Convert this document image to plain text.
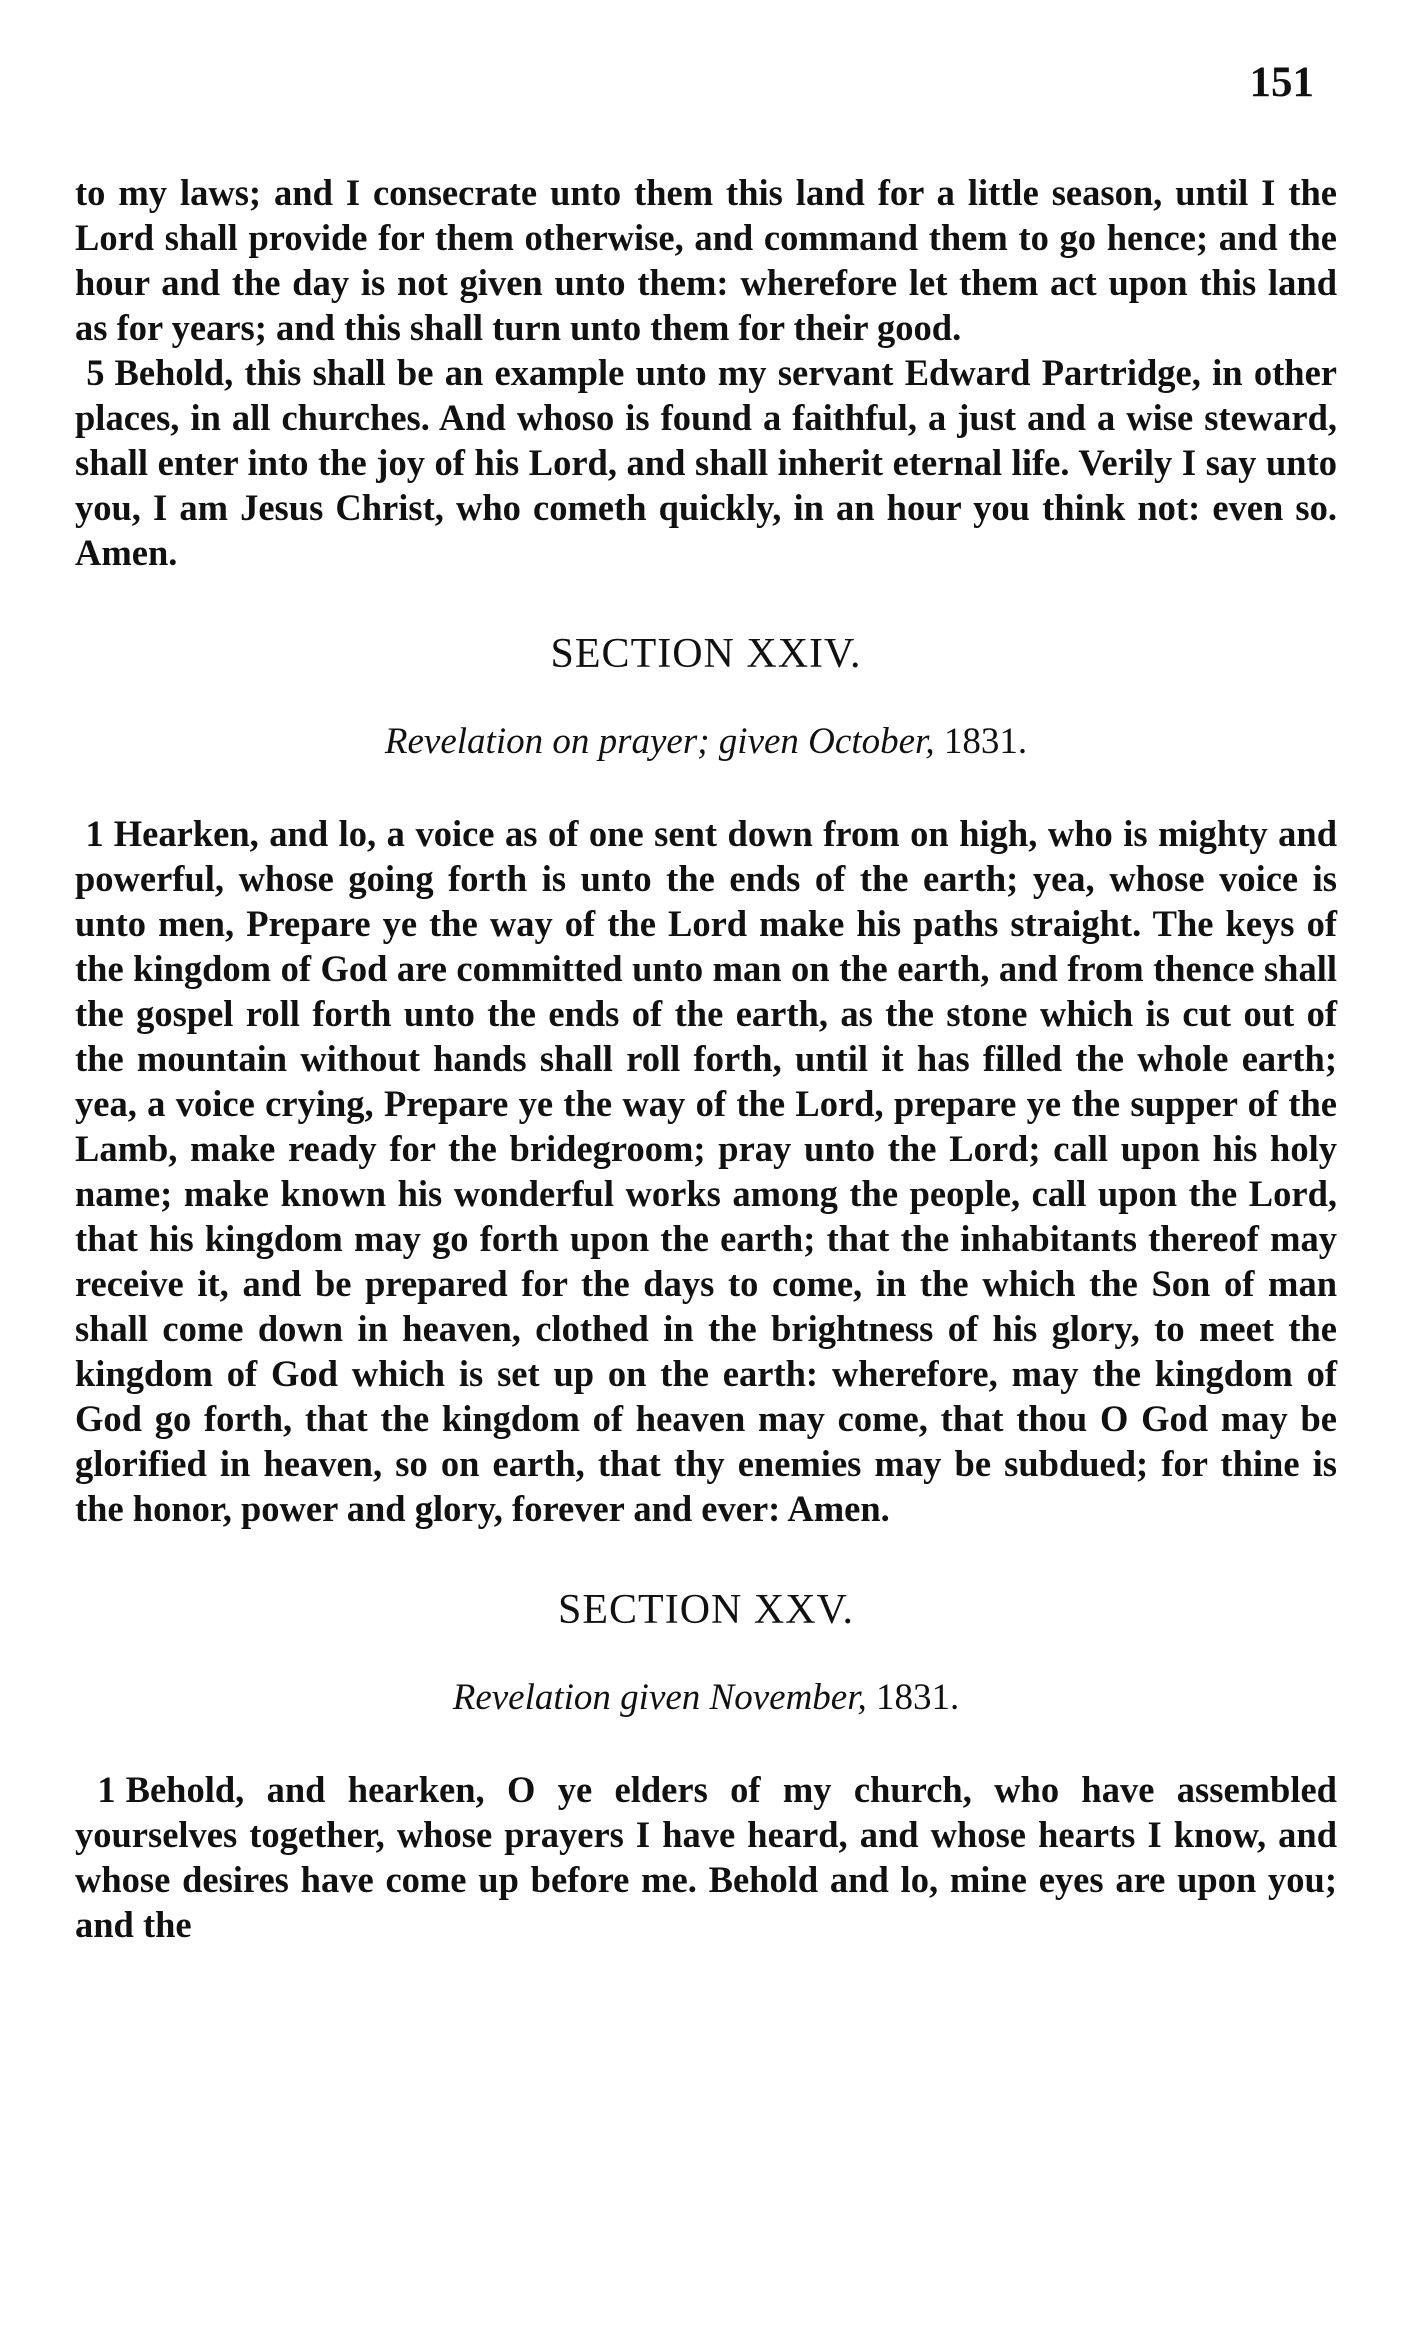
151

to my laws; and I consecrate unto them this land for a little season, until I the Lord shall provide for them otherwise, and command them to go hence; and the hour and the day is not given unto them: wherefore let them act upon this land as for years; and this shall turn unto them for their good.

5 Behold, this shall be an example unto my servant Edward Partridge, in other places, in all churches. And whoso is found a faithful, a just and a wise steward, shall enter into the joy of his Lord, and shall inherit eternal life. Verily I say unto you, I am Jesus Christ, who cometh quickly, in an hour you think not: even so. Amen.

SECTION XXIV.
Revelation on prayer; given October, 1831.

1 Hearken, and lo, a voice as of one sent down from on high, who is mighty and powerful, whose going forth is unto the ends of the earth; yea, whose voice is unto men, Prepare ye the way of the Lord make his paths straight. The keys of the kingdom of God are committed unto man on the earth, and from thence shall the gospel roll forth unto the ends of the earth, as the stone which is cut out of the mountain without hands shall roll forth, until it has filled the whole earth; yea, a voice crying, Prepare ye the way of the Lord, prepare ye the supper of the Lamb, make ready for the bridegroom; pray unto the Lord; call upon his holy name; make known his wonderful works among the people, call upon the Lord, that his kingdom may go forth upon the earth; that the inhabitants thereof may receive it, and be prepared for the days to come, in the which the Son of man shall come down in heaven, clothed in the brightness of his glory, to meet the kingdom of God which is set up on the earth: wherefore, may the kingdom of God go forth, that the kingdom of heaven may come, that thou O God may be glorified in heaven, so on earth, that thy enemies may be subdued; for thine is the honor, power and glory, forever and ever: Amen.

SECTION XXV.
Revelation given November, 1831.

1 Behold, and hearken, O ye elders of my church, who have assembled yourselves together, whose prayers I have heard, and whose hearts I know, and whose desires have come up before me. Behold and lo, mine eyes are upon you; and the
